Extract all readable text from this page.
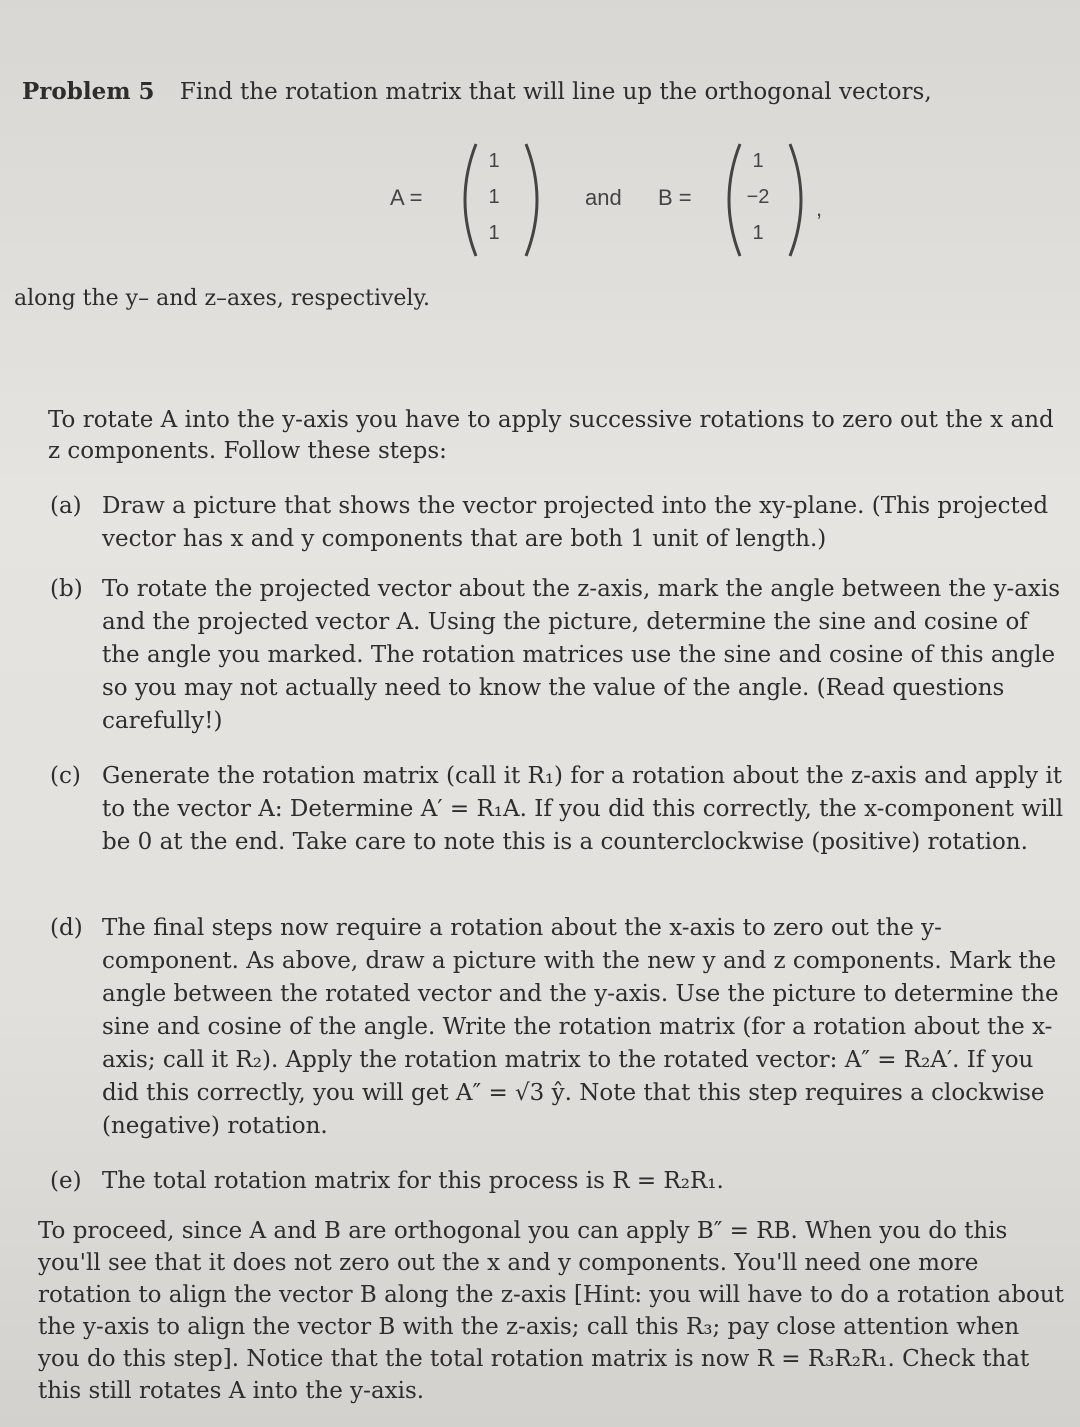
Problem 5 Find the rotation matrix that will line up the orthogonal vectors,
A =
1
1
1
and B =
1
−2
1
,
along the y– and z–axes, respectively.
To rotate A into the y-axis you have to apply successive rotations to zero out the x and z components. Follow these steps:
(a) Draw a picture that shows the vector projected into the xy-plane. (This projected vector has x and y components that are both 1 unit of length.)
(b) To rotate the projected vector about the z-axis, mark the angle between the y-axis and the projected vector A. Using the picture, determine the sine and cosine of the angle you marked. The rotation matrices use the sine and cosine of this angle so you may not actually need to know the value of the angle. (Read questions carefully!)
(c) Generate the rotation matrix (call it R₁) for a rotation about the z-axis and apply it to the vector A: Determine A′ = R₁A. If you did this correctly, the x-component will be 0 at the end. Take care to note this is a counterclockwise (positive) rotation.
(d) The final steps now require a rotation about the x-axis to zero out the y-component. As above, draw a picture with the new y and z components. Mark the angle between the rotated vector and the y-axis. Use the picture to determine the sine and cosine of the angle. Write the rotation matrix (for a rotation about the x-axis; call it R₂). Apply the rotation matrix to the rotated vector: A″ = R₂A′. If you did this correctly, you will get A″ = √3 ŷ. Note that this step requires a clockwise (negative) rotation.
(e) The total rotation matrix for this process is R = R₂R₁.
To proceed, since A and B are orthogonal you can apply B″ = RB. When you do this you'll see that it does not zero out the x and y components. You'll need one more rotation to align the vector B along the z-axis [Hint: you will have to do a rotation about the y-axis to align the vector B with the z-axis; call this R₃; pay close attention when you do this step]. Notice that the total rotation matrix is now R = R₃R₂R₁. Check that this still rotates A into the y-axis.
